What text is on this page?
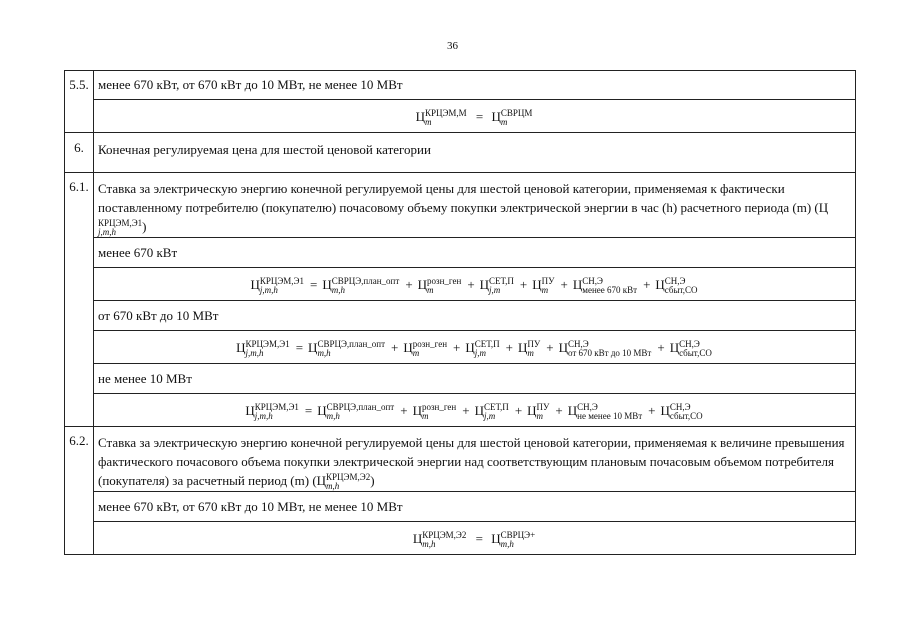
36
5.5. менее 670 кВт, от 670 кВт до 10 МВт, не менее 10 МВт
Ц КРЦЭМ,М
m	= Ц СВРЦМ
m
6.	Конечная регулируемая цена для шестой ценовой категории
6.1. Ставка за электрическую энергию конечной регулируемой цены для шестой ценовой категории, применяемая к фактически поставленному потребителю (покупателю) почасовому объему покупки электрической энергии в час (h) расчетного периода (m) (Ц
КРЦЭМ,Э1
j,m,h	)
менее 670 кВт
Ц КРЦЭМ,Э1
j,m,h	= Ц СВРЦЭ,план_опт
m,h	+ Ц розн_ген
m	+ Ц СЕТ,П
j,m	+ Ц ПУ
m + Ц СН,Э
менее 670 кВт + Ц СН,Э
сбыт,СО
от 670 кВт до 10 МВт
Ц КРЦЭМ,Э1
j,m,h	= Ц СВРЦЭ,план_опт
m,h	+ Ц розн_ген
m	+ Ц СЕТ,П
j,m	+ Ц ПУ
m + Ц СН,Э
от 670 кВт до 10 МВт + Ц СН,Э
сбыт,СО
не менее 10 МВт
Ц КРЦЭМ,Э1
j,m,h	= Ц СВРЦЭ,план_опт
m,h	+ Ц розн_ген
m	+ Ц СЕТ,П
j,m	+ Ц ПУ
m + Ц СН,Э
не менее 10 МВт + Ц СН,Э
сбыт,СО
6.2. Ставка за электрическую энергию конечной регулируемой цены для шестой ценовой категории, применяемая к величине превышения фактического почасового объема покупки электрической энергии над соответствующим плановым почасовым объемом потребителя (покупателя) за расчетный период (m) (Ц КРЦЭМ,Э2
m,h	)
менее 670 кВт, от 670 кВт до 10 МВт, не менее 10 МВт
Ц КРЦЭМ,Э2
m,h	= Ц СВРЦЭ+
m,h
